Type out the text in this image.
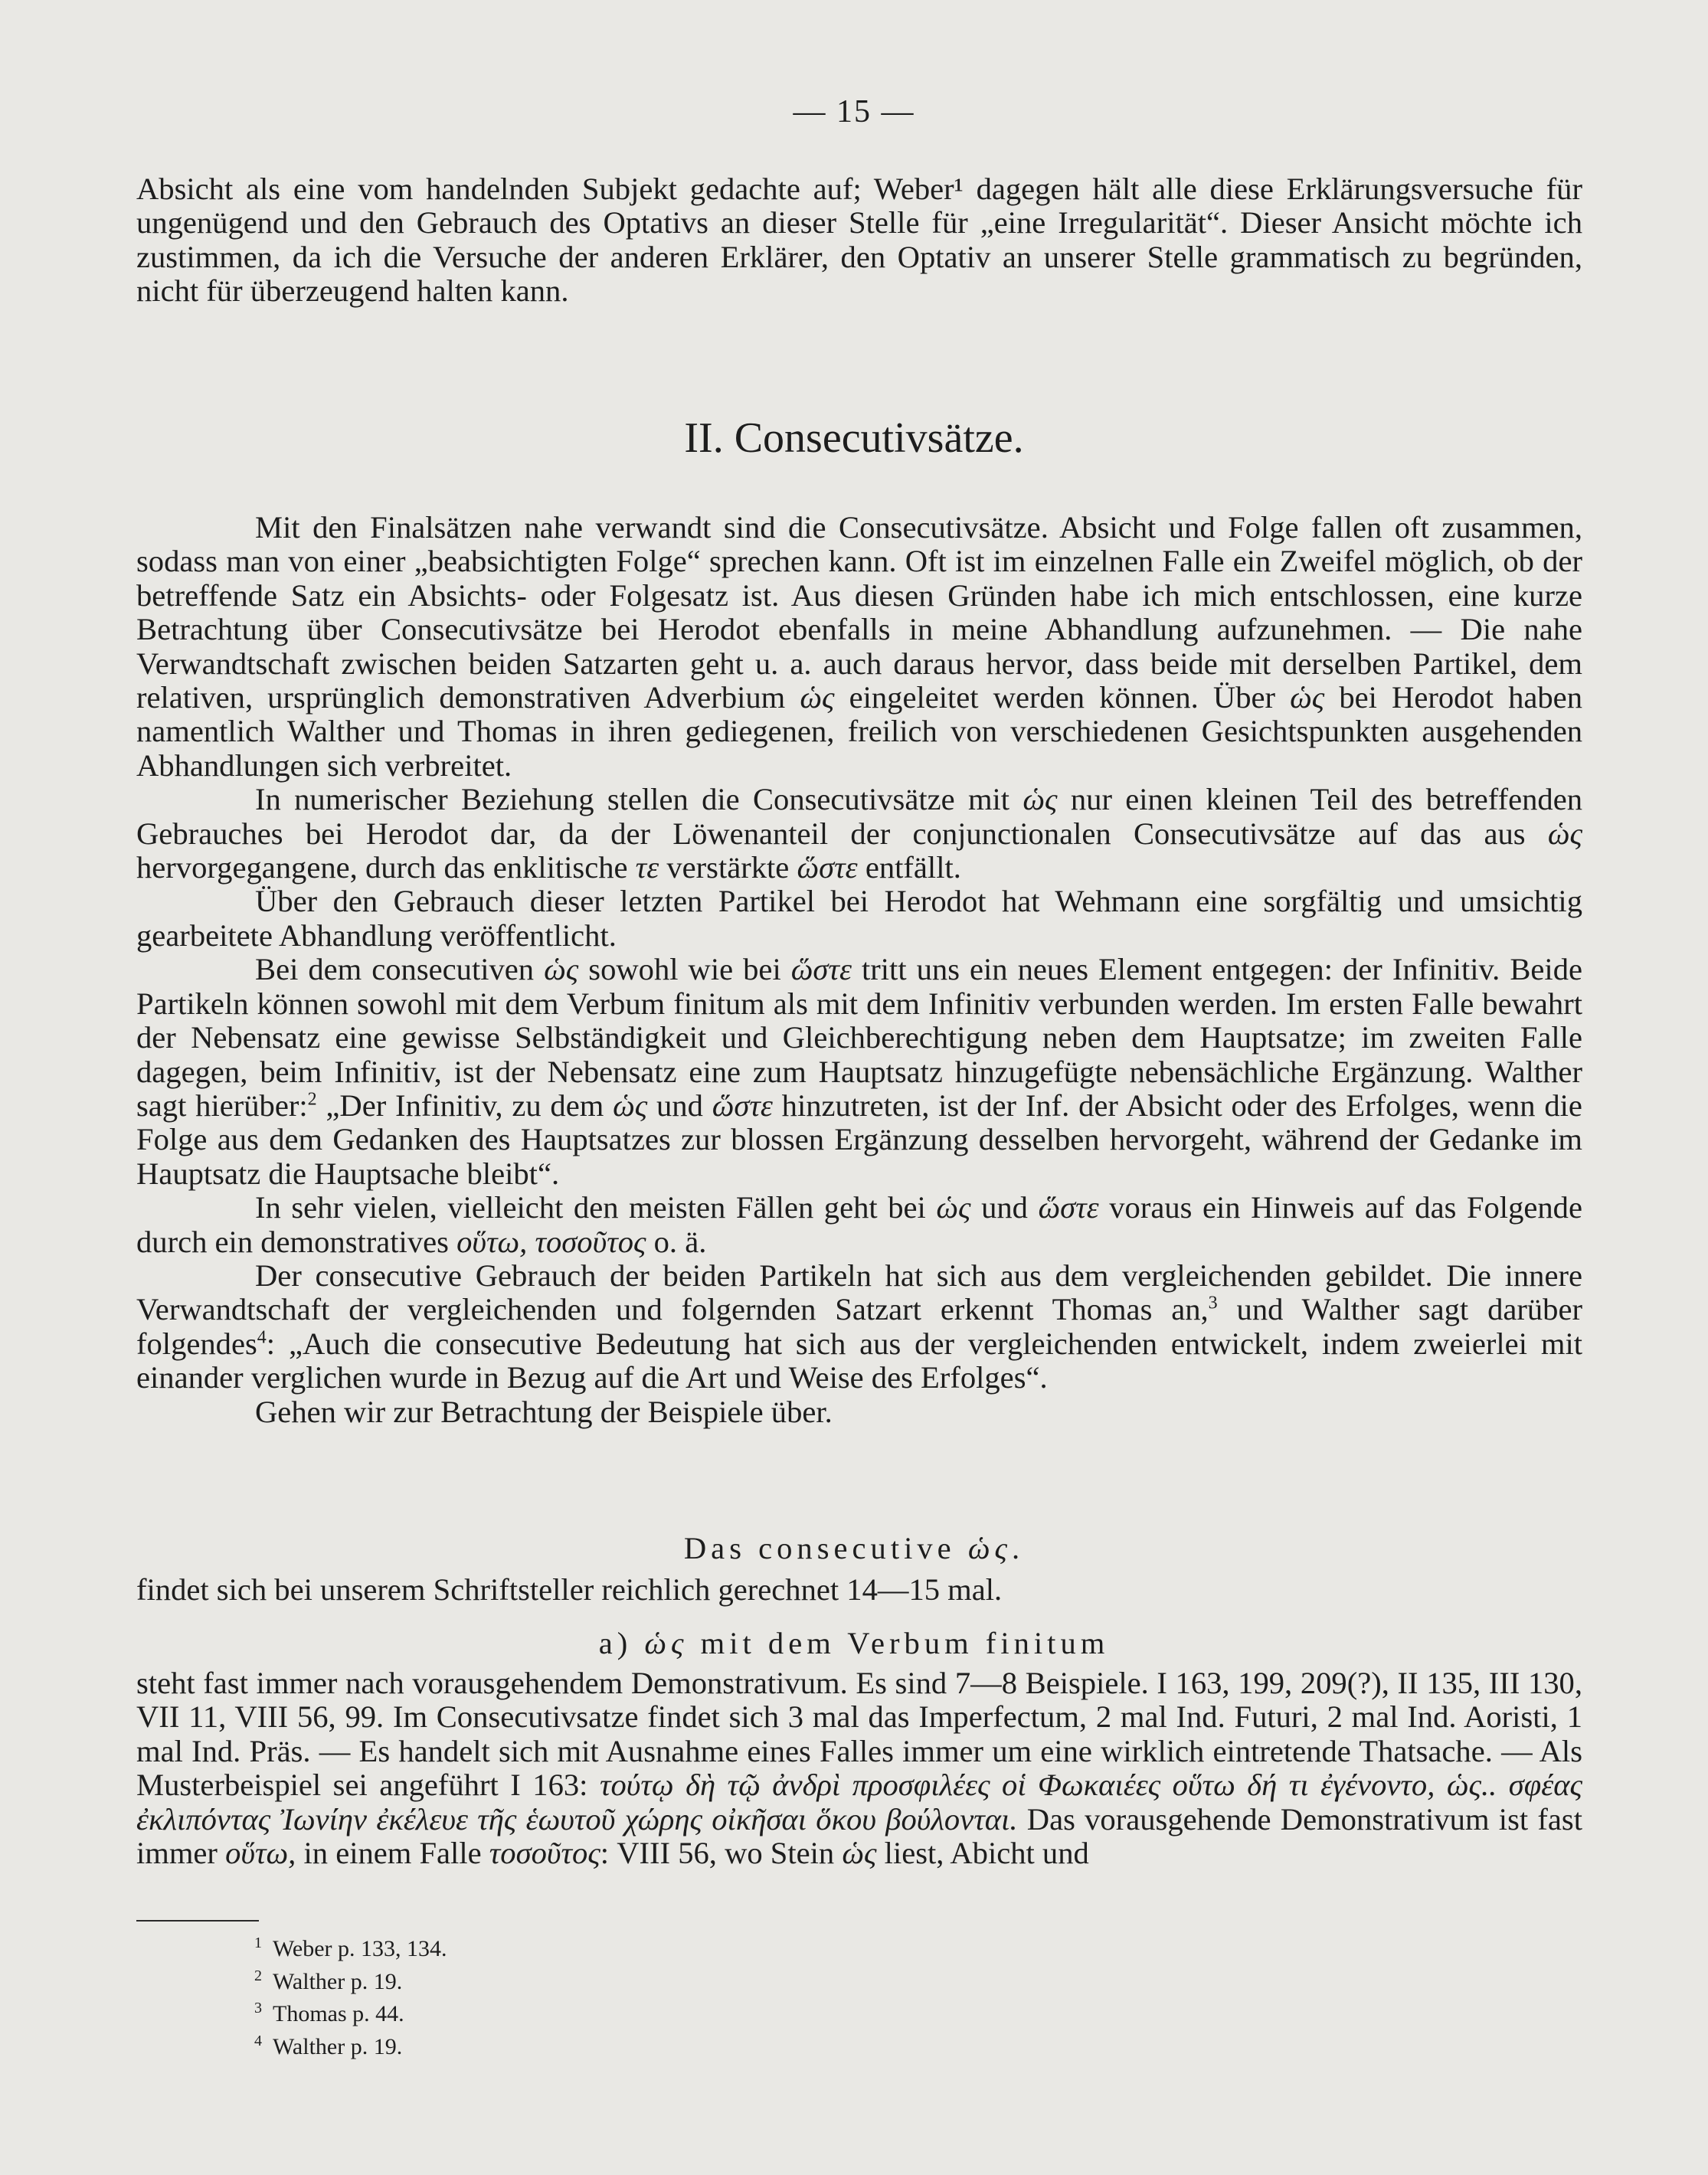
— 15 —

Absicht als eine vom handelnden Subjekt gedachte auf; Weber¹ dagegen hält alle diese Erklärungsversuche für ungenügend und den Gebrauch des Optativs an dieser Stelle für „eine Irregularität“. Dieser Ansicht möchte ich zustimmen, da ich die Versuche der anderen Erklärer, den Optativ an unserer Stelle grammatisch zu begründen, nicht für überzeugend halten kann.

II. Consecutivsätze.

Mit den Finalsätzen nahe verwandt sind die Consecutivsätze. Absicht und Folge fallen oft zusammen, sodass man von einer „beabsichtigten Folge“ sprechen kann. Oft ist im einzelnen Falle ein Zweifel möglich, ob der betreffende Satz ein Absichts- oder Folgesatz ist. Aus diesen Gründen habe ich mich entschlossen, eine kurze Betrachtung über Consecutivsätze bei Herodot ebenfalls in meine Abhandlung aufzunehmen. — Die nahe Verwandtschaft zwischen beiden Satzarten geht u. a. auch daraus hervor, dass beide mit derselben Partikel, dem relativen, ursprünglich demonstrativen Adverbium ὡς eingeleitet werden können. Über ὡς bei Herodot haben namentlich Walther und Thomas in ihren gediegenen, freilich von verschiedenen Gesichtspunkten ausgehenden Abhandlungen sich verbreitet.

In numerischer Beziehung stellen die Consecutivsätze mit ὡς nur einen kleinen Teil des betreffenden Gebrauches bei Herodot dar, da der Löwenanteil der conjunctionalen Consecutivsätze auf das aus ὡς hervorgegangene, durch das enklitische τε verstärkte ὥστε entfällt.

Über den Gebrauch dieser letzten Partikel bei Herodot hat Wehmann eine sorgfältig und umsichtig gearbeitete Abhandlung veröffentlicht.

Bei dem consecutiven ὡς sowohl wie bei ὥστε tritt uns ein neues Element entgegen: der Infinitiv. Beide Partikeln können sowohl mit dem Verbum finitum als mit dem Infinitiv verbunden werden. Im ersten Falle bewahrt der Nebensatz eine gewisse Selbständigkeit und Gleichberechtigung neben dem Hauptsatze; im zweiten Falle dagegen, beim Infinitiv, ist der Nebensatz eine zum Hauptsatz hinzugefügte nebensächliche Ergänzung. Walther sagt hierüber:$^2$ „Der Infinitiv, zu dem ὡς und ὥστε hinzutreten, ist der Inf. der Absicht oder des Erfolges, wenn die Folge aus dem Gedanken des Hauptsatzes zur blossen Ergänzung desselben hervorgeht, während der Gedanke im Hauptsatz die Hauptsache bleibt“.

In sehr vielen, vielleicht den meisten Fällen geht bei ὡς und ὥστε voraus ein Hinweis auf das Folgende durch ein demonstratives οὕτω, τοσοῦτος o. ä.

Der consecutive Gebrauch der beiden Partikeln hat sich aus dem vergleichenden gebildet. Die innere Verwandtschaft der vergleichenden und folgernden Satzart erkennt Thomas an,$^3$ und Walther sagt darüber folgendes$^4$: „Auch die consecutive Bedeutung hat sich aus der vergleichenden entwickelt, indem zweierlei mit einander verglichen wurde in Bezug auf die Art und Weise des Erfolges“.

Gehen wir zur Betrachtung der Beispiele über.

Das consecutive ὡς.

findet sich bei unserem Schriftsteller reichlich gerechnet 14—15 mal.

a) ὡς mit dem Verbum finitum

steht fast immer nach vorausgehendem Demonstrativum. Es sind 7—8 Beispiele. I 163, 199, 209(?), II 135, III 130, VII 11, VIII 56, 99. Im Consecutivsatze findet sich 3 mal das Imperfectum, 2 mal Ind. Futuri, 2 mal Ind. Aoristi, 1 mal Ind. Präs. — Es handelt sich mit Ausnahme eines Falles immer um eine wirklich eintretende Thatsache. — Als Musterbeispiel sei angeführt I 163: τούτῳ δὴ τῷ ἀνδρὶ προσφιλέες οἱ Φωκαιέες οὕτω δή τι ἐγένοντο, ὡς.. σφέας ἐκλιπόντας Ἰωνίην ἐκέλευε τῆς ἑωυτοῦ χώρης οἰκῆσαι ὅκου βούλονται. Das vorausgehende Demonstrativum ist fast immer οὕτω, in einem Falle τοσοῦτος: VIII 56, wo Stein ὡς liest, Abicht und

$^1$ Weber p. 133, 134.
$^2$ Walther p. 19.
$^3$ Thomas p. 44.
$^4$ Walther p. 19.
